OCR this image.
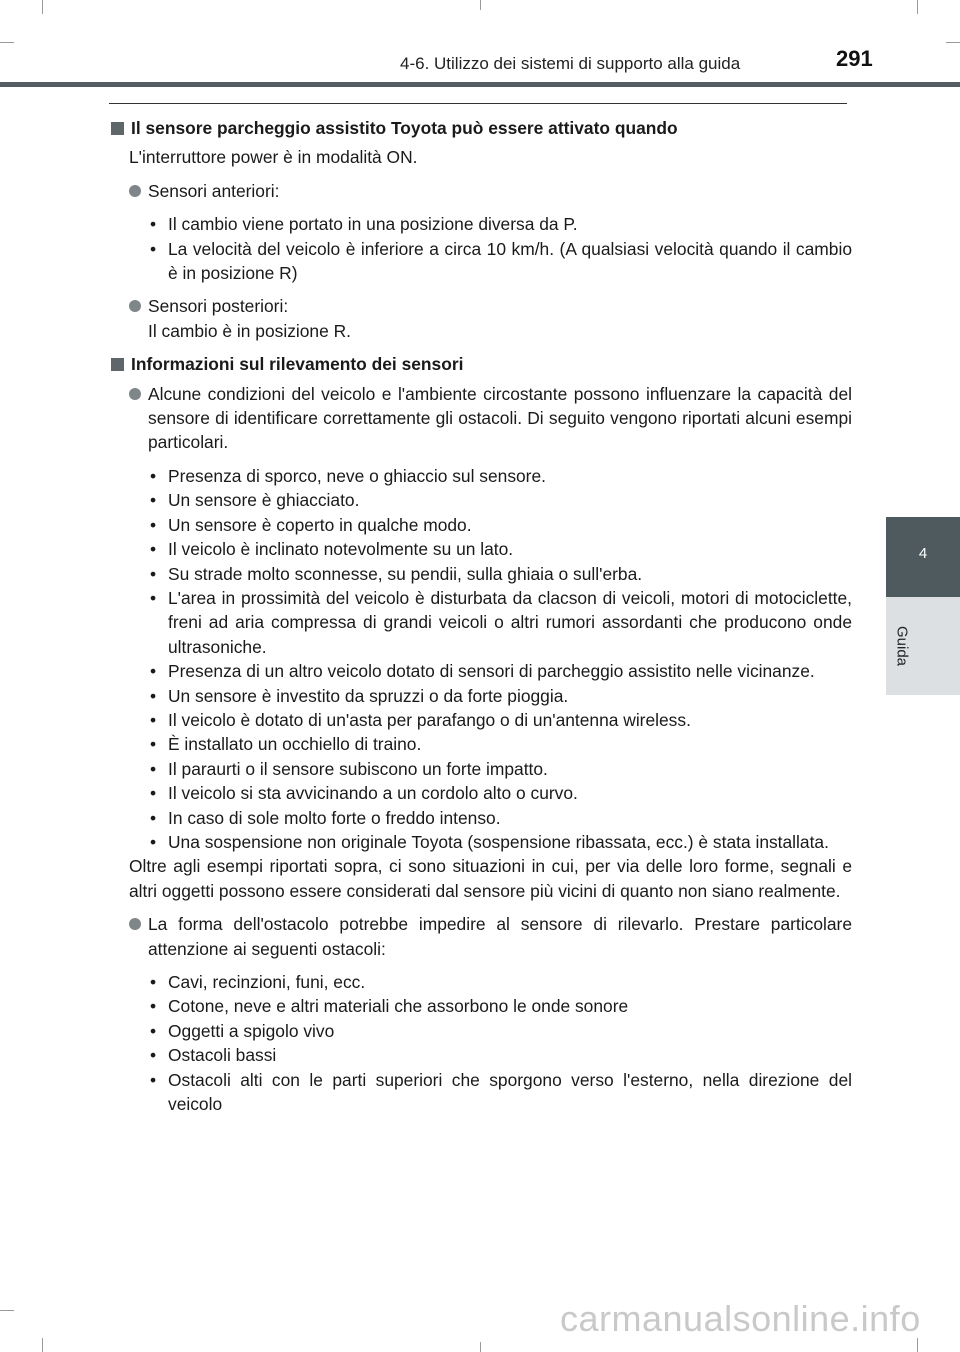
4-6. Utilizzo dei sistemi di supporto alla guida	291
4
Guida
Il sensore parcheggio assistito Toyota può essere attivato quando
L'interruttore power è in modalità ON.
Sensori anteriori:
• Il cambio viene portato in una posizione diversa da P.
• La velocità del veicolo è inferiore a circa 10 km/h. (A qualsiasi velocità quando il cambio è in posizione R)
Sensori posteriori:
Il cambio è in posizione R.
Informazioni sul rilevamento dei sensori
Alcune condizioni del veicolo e l'ambiente circostante possono influenzare la capacità del sensore di identificare correttamente gli ostacoli. Di seguito vengono riportati alcuni esempi particolari.
• Presenza di sporco, neve o ghiaccio sul sensore.
• Un sensore è ghiacciato.
• Un sensore è coperto in qualche modo.
• Il veicolo è inclinato notevolmente su un lato.
• Su strade molto sconnesse, su pendii, sulla ghiaia o sull'erba.
• L'area in prossimità del veicolo è disturbata da clacson di veicoli, motori di motociclette, freni ad aria compressa di grandi veicoli o altri rumori assordanti che producono onde ultrasoniche.
• Presenza di un altro veicolo dotato di sensori di parcheggio assistito nelle vicinanze.
• Un sensore è investito da spruzzi o da forte pioggia.
• Il veicolo è dotato di un'asta per parafango o di un'antenna wireless.
• È installato un occhiello di traino.
• Il paraurti o il sensore subiscono un forte impatto.
• Il veicolo si sta avvicinando a un cordolo alto o curvo.
• In caso di sole molto forte o freddo intenso.
• Una sospensione non originale Toyota (sospensione ribassata, ecc.) è stata installata.
Oltre agli esempi riportati sopra, ci sono situazioni in cui, per via delle loro forme, segnali e altri oggetti possono essere considerati dal sensore più vicini di quanto non siano realmente.
La forma dell'ostacolo potrebbe impedire al sensore di rilevarlo. Prestare particolare attenzione ai seguenti ostacoli:
• Cavi, recinzioni, funi, ecc.
• Cotone, neve e altri materiali che assorbono le onde sonore
• Oggetti a spigolo vivo
• Ostacoli bassi
• Ostacoli alti con le parti superiori che sporgono verso l'esterno, nella direzione del veicolo
carmanualsonline.info
